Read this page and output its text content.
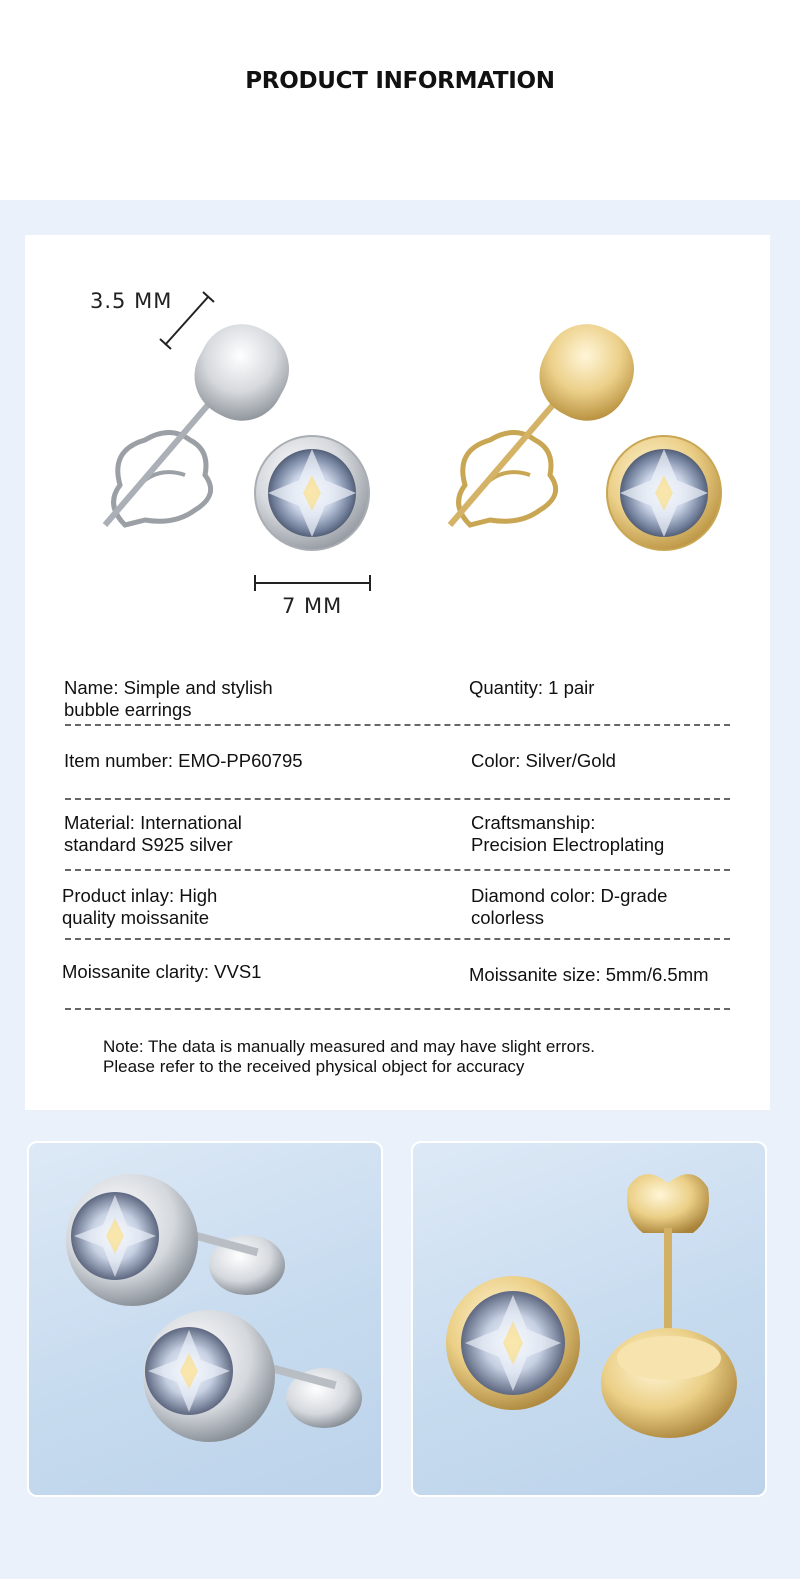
PRODUCT INFORMATION
3.5 MM
7 MM
Name: Simple and stylish
bubble earrings
Quantity: 1 pair
Item number: EMO-PP60795	Color: Silver/Gold
Material: International
standard S925 silver
Craftsmanship:
Precision Electroplating
Product inlay: High
quality moissanite
Diamond color: D-grade
colorless
Moissanite clarity: VVS1	Moissanite size: 5mm/6.5mm
Note: The data is manually measured and may have slight errors.
Please refer to the received physical object for accuracy
